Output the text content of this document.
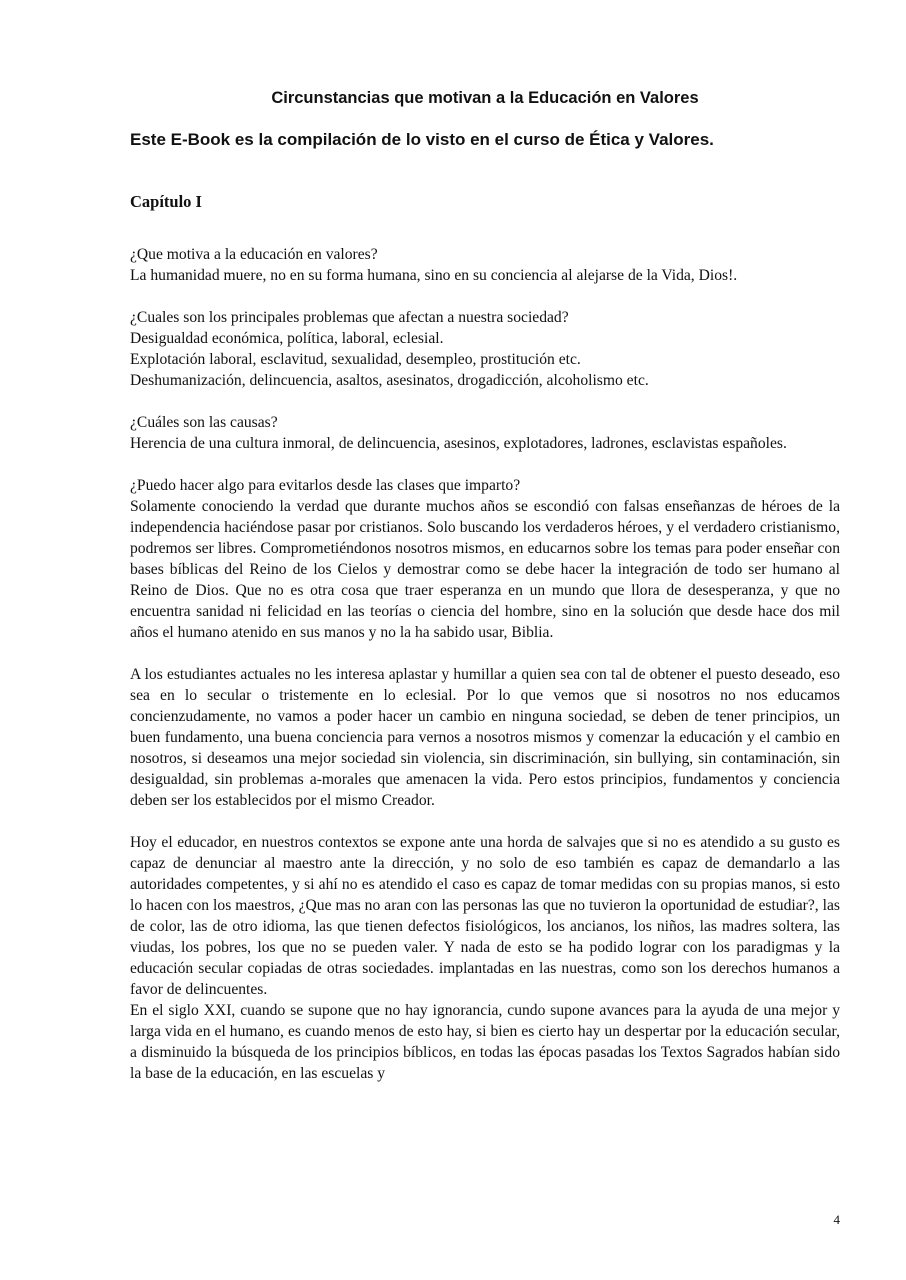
Circunstancias que motivan a la Educación en Valores
Este E-Book es la compilación de lo visto en el curso de Ética y Valores.
Capítulo I

¿Que motiva a la educación en valores?
La humanidad muere, no en su forma humana, sino en su conciencia al alejarse de la Vida, Dios!.

¿Cuales son los principales problemas que afectan a nuestra sociedad?
Desigualdad económica, política, laboral, eclesial.
Explotación laboral, esclavitud, sexualidad, desempleo, prostitución etc.
Deshumanización, delincuencia, asaltos, asesinatos, drogadicción, alcoholismo etc.

¿Cuáles son las causas?
Herencia de una cultura inmoral, de delincuencia, asesinos, explotadores, ladrones, esclavistas españoles.

¿Puedo hacer algo para evitarlos desde las clases que imparto?
Solamente conociendo la verdad que durante muchos años se escondió con falsas enseñanzas de héroes de la independencia haciéndose pasar por cristianos. Solo buscando los verdaderos héroes, y el verdadero cristianismo, podremos ser libres. Comprometiéndonos nosotros mismos, en educarnos sobre los temas para poder enseñar con bases bíblicas del Reino de los Cielos y demostrar como se debe hacer la integración de todo ser humano al Reino de Dios. Que no es otra cosa que traer esperanza en un mundo que llora de desesperanza, y que no encuentra sanidad ni felicidad en las teorías o ciencia del hombre, sino en la solución que desde hace dos mil años el humano atenido en sus manos y no la ha sabido usar, Biblia.

A los estudiantes actuales no les interesa aplastar y humillar a quien sea con tal de obtener el puesto deseado, eso sea en lo secular o tristemente en lo eclesial. Por lo que vemos que si nosotros no nos educamos concienzudamente, no vamos a poder hacer un cambio en ninguna sociedad, se deben de tener principios, un buen fundamento, una buena conciencia para vernos a nosotros mismos y comenzar la educación y el cambio en nosotros, si deseamos una mejor sociedad sin violencia, sin discriminación, sin bullying, sin contaminación, sin desigualdad, sin problemas a-morales que amenacen la vida. Pero estos principios, fundamentos y conciencia deben ser los establecidos por el mismo Creador.

Hoy el educador, en nuestros contextos se expone ante una horda de salvajes que si no es atendido a su gusto es capaz de denunciar al maestro ante la dirección, y no solo de eso también es capaz de demandarlo a las autoridades competentes, y si ahí no es atendido el caso es capaz de tomar medidas con su propias manos, si esto lo hacen con los maestros, ¿Que mas no aran con las personas las que no tuvieron la oportunidad de estudiar?, las de color, las de otro idioma, las que tienen defectos fisiológicos, los ancianos, los niños, las madres soltera, las viudas, los pobres, los que no se pueden valer. Y nada de esto se ha podido lograr con los paradigmas y la educación secular copiadas de otras sociedades. implantadas en las nuestras, como son los derechos humanos a favor de delincuentes.

En el siglo XXI, cuando se supone que no hay ignorancia, cundo supone avances para la ayuda de una mejor y larga vida en el humano, es cuando menos de esto hay, si bien es cierto hay un despertar por la educación secular, a disminuido la búsqueda de los principios bíblicos, en todas las épocas pasadas los Textos Sagrados habían sido la base de la educación, en las escuelas y

4
